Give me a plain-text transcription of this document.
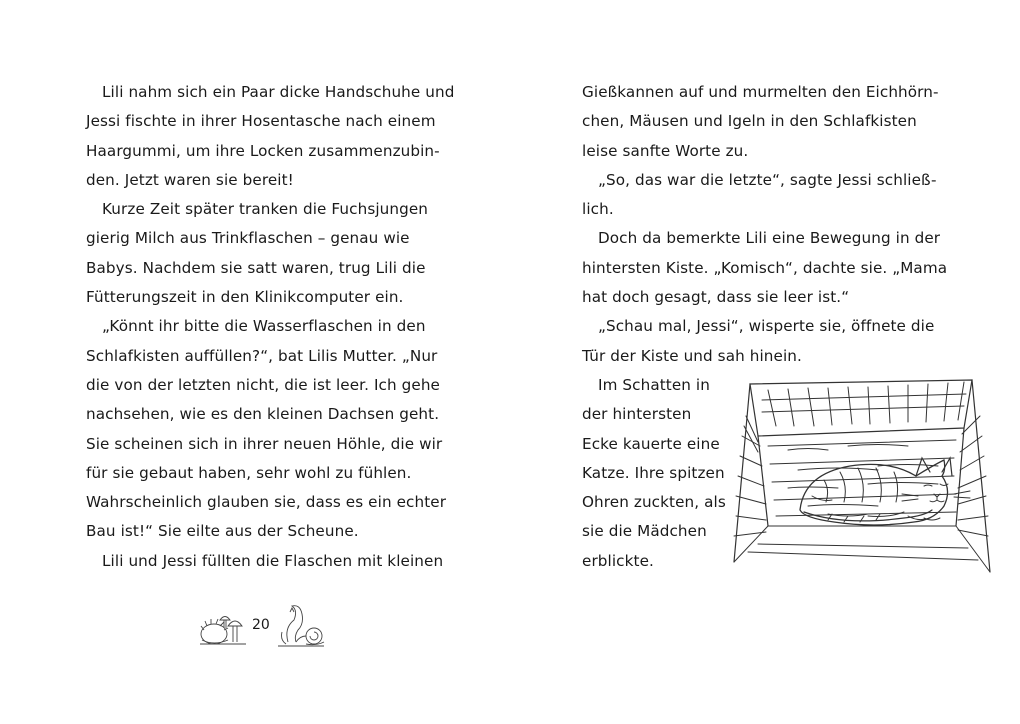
Lili nahm sich ein Paar dicke Handschuhe und
Jessi fischte in ihrer Hosentasche nach einem
Haargummi, um ihre Locken zusammenzubin-
den. Jetzt waren sie bereit!
Kurze Zeit später tranken die Fuchsjungen
gierig Milch aus Trinkflaschen – genau wie
Babys. Nachdem sie satt waren, trug Lili die
Fütterungszeit in den Klinikcomputer ein.
„Könnt ihr bitte die Wasserflaschen in den
Schlafkisten auffüllen?“, bat Lilis Mutter. „Nur
die von der letzten nicht, die ist leer. Ich gehe
nachsehen, wie es den kleinen Dachsen geht.
Sie scheinen sich in ihrer neuen Höhle, die wir
für sie gebaut haben, sehr wohl zu fühlen.
Wahrscheinlich glauben sie, dass es ein echter
Bau ist!“ Sie eilte aus der Scheune.
Lili und Jessi füllten die Flaschen mit kleinen
Gießkannen auf und murmelten den Eichhörn-
chen, Mäusen und Igeln in den Schlafkisten
leise sanfte Worte zu.
„So, das war die letzte“, sagte Jessi schließ-
lich.
Doch da bemerkte Lili eine Bewegung in der
hintersten Kiste. „Komisch“, dachte sie. „Mama
hat doch gesagt, dass sie leer ist.“
„Schau mal, Jessi“, wisperte sie, öffnete die
Tür der Kiste und sah hinein.
Im Schatten in
der hintersten
Ecke kauerte eine
Katze. Ihre spitzen
Ohren zuckten, als
sie die Mädchen
erblickte.
20
